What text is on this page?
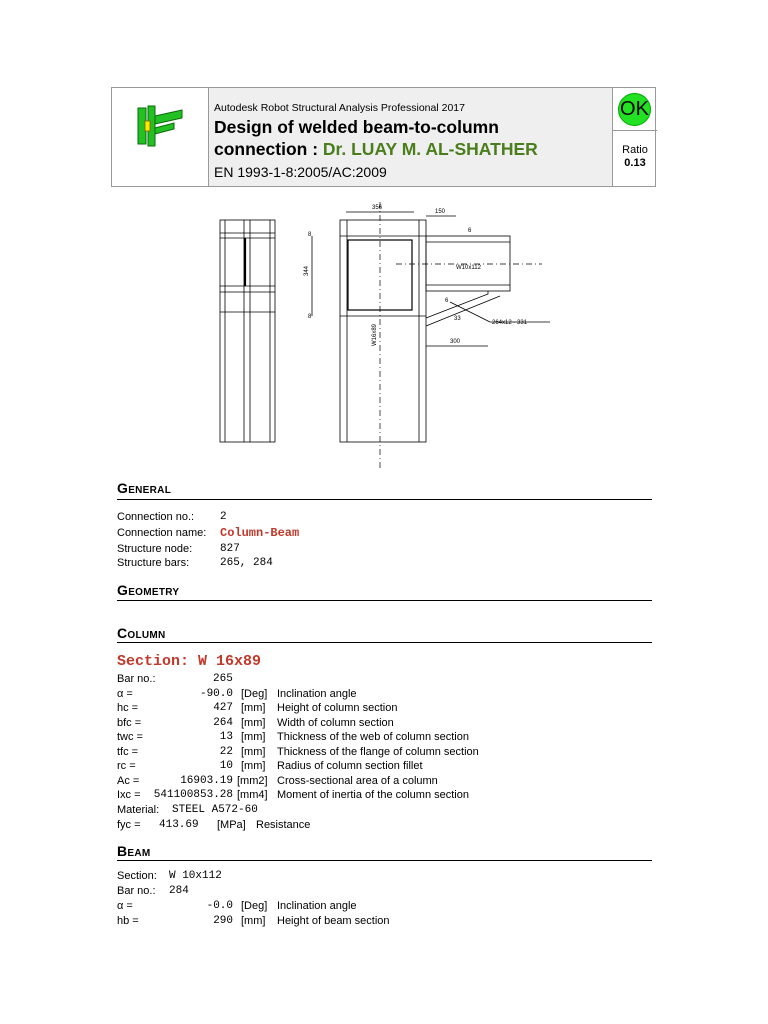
Autodesk Robot Structural Analysis Professional 2017
Design of welded beam-to-column
connection : Dr. LUAY M. AL-SHATHER
EN 1993-1-8:2005/AC:2009
OK
Ratio
0.13
356
150
344
8
8
6
300
W10x112
W16x89
264x12 - 331
6
33
General
Connection no.: 2
Connection name: Column-Beam
Structure node:	827
Structure bars:	265, 284
Geometry
Column
Section: W 16x89
Bar no.:	265
α =	-90.0 [Deg] Inclination angle
hc =	427 [mm] Height of column section
bfc =	264 [mm] Width of column section
twc =	13 [mm] Thickness of the web of column section
tfc =	22 [mm] Thickness of the flange of column section
rc =	10 [mm] Radius of column section fillet
Ac =	16903.19 [mm2] Cross-sectional area of a column
Ixc =	541100853.28 [mm4] Moment of inertia of the column section
Material: STEEL A572-60
fyc = 413.69 [MPa] Resistance
Beam
Section: W 10x112
Bar no.: 284
α =	-0.0 [Deg] Inclination angle
hb =	290 [mm] Height of beam section
